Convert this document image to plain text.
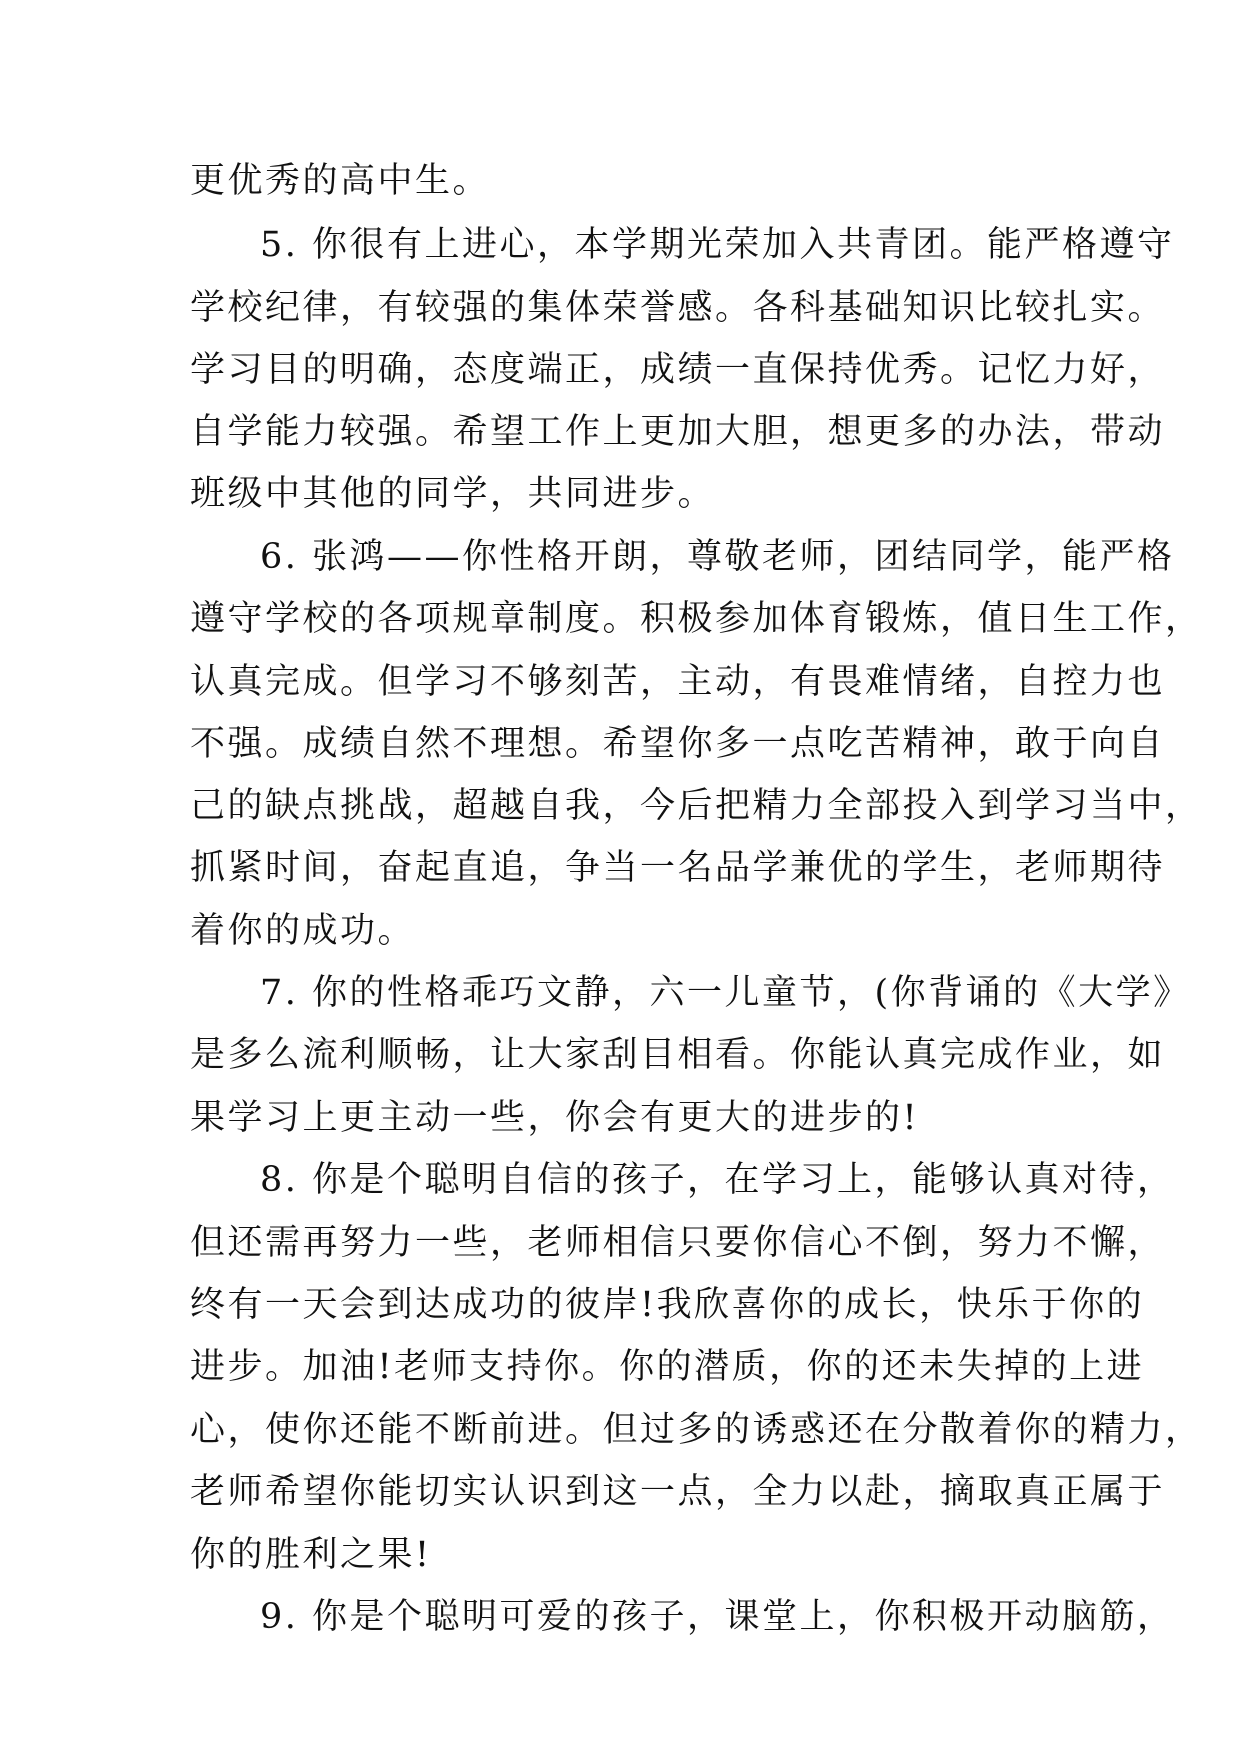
更优秀的高中生。
5. 你很有上进心，本学期光荣加入共青团。能严格遵守
学校纪律，有较强的集体荣誉感。各科基础知识比较扎实。
学习目的明确，态度端正，成绩一直保持优秀。记忆力好，
自学能力较强。希望工作上更加大胆，想更多的办法，带动
班级中其他的同学，共同进步。
6. 张鸿——你性格开朗，尊敬老师，团结同学，能严格
遵守学校的各项规章制度。积极参加体育锻炼，值日生工作，
认真完成。但学习不够刻苦，主动，有畏难情绪，自控力也
不强。成绩自然不理想。希望你多一点吃苦精神，敢于向自
己的缺点挑战，超越自我，今后把精力全部投入到学习当中，
抓紧时间，奋起直追，争当一名品学兼优的学生，老师期待
着你的成功。
7. 你的性格乖巧文静，六一儿童节，(你背诵的《大学》
是多么流利顺畅，让大家刮目相看。你能认真完成作业，如
果学习上更主动一些，你会有更大的进步的!
8. 你是个聪明自信的孩子，在学习上，能够认真对待，
但还需再努力一些，老师相信只要你信心不倒，努力不懈，
终有一天会到达成功的彼岸!我欣喜你的成长，快乐于你的
进步。加油!老师支持你。你的潜质，你的还未失掉的上进
心，使你还能不断前进。但过多的诱惑还在分散着你的精力，
老师希望你能切实认识到这一点，全力以赴，摘取真正属于
你的胜利之果!
9. 你是个聪明可爱的孩子，课堂上，你积极开动脑筋，
